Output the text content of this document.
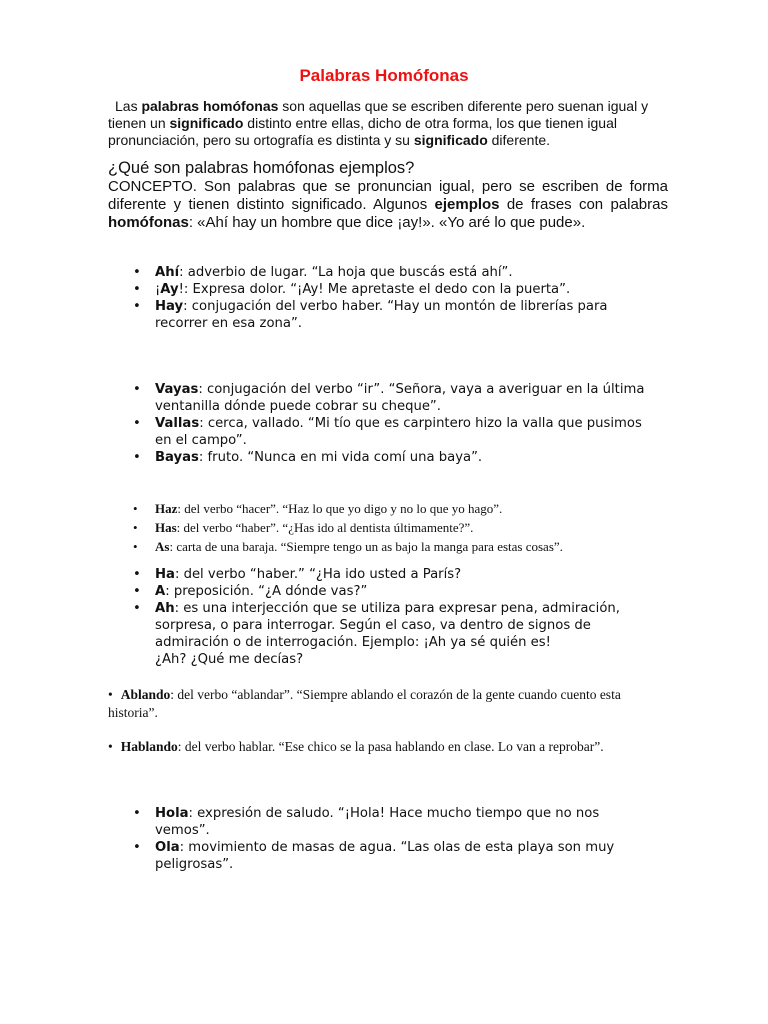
Palabras Homófonas

Las palabras homófonas son aquellas que se escriben diferente pero suenan igual y tienen un significado distinto entre ellas, dicho de otra forma, los que tienen igual pronunciación, pero su ortografía es distinta y su significado diferente.

¿Qué son palabras homófonas ejemplos?

CONCEPTO. Son palabras que se pronuncian igual, pero se escriben de forma diferente y tienen distinto significado. Algunos ejemplos de frases con palabras homófonas: «Ahí hay un hombre que dice ¡ay!». «Yo aré lo que pude».

• Ahí: adverbio de lugar. “La hoja que buscás está ahí”.
• ¡Ay!: Expresa dolor. “¡Ay! Me apretaste el dedo con la puerta”.
• Hay: conjugación del verbo haber. “Hay un montón de librerías para recorrer en esa zona”.
• Vayas: conjugación del verbo “ir”. “Señora, vaya a averiguar en la última ventanilla dónde puede cobrar su cheque”.
• Vallas: cerca, vallado. “Mi tío que es carpintero hizo la valla que pusimos en el campo”.
• Bayas: fruto. “Nunca en mi vida comí una baya”.
• Haz: del verbo “hacer”. “Haz lo que yo digo y no lo que yo hago”.
• Has: del verbo “haber”. “¿Has ido al dentista últimamente?”.
• As: carta de una baraja. “Siempre tengo un as bajo la manga para estas cosas”.
• Ha: del verbo “haber.” “¿Ha ido usted a París?
• A: preposición. “¿A dónde vas?”
• Ah: es una interjección que se utiliza para expresar pena, admiración, sorpresa, o para interrogar. Según el caso, va dentro de signos de admiración o de interrogación. Ejemplo: ¡Ah ya sé quién es!
¿Ah? ¿Qué me decías?

• Ablando: del verbo “ablandar”. “Siempre ablando el corazón de la gente cuando cuento esta historia”.

• Hablando: del verbo hablar. “Ese chico se la pasa hablando en clase. Lo van a reprobar”.

• Hola: expresión de saludo. “¡Hola! Hace mucho tiempo que no nos vemos”.
• Ola: movimiento de masas de agua. “Las olas de esta playa son muy peligrosas”.
